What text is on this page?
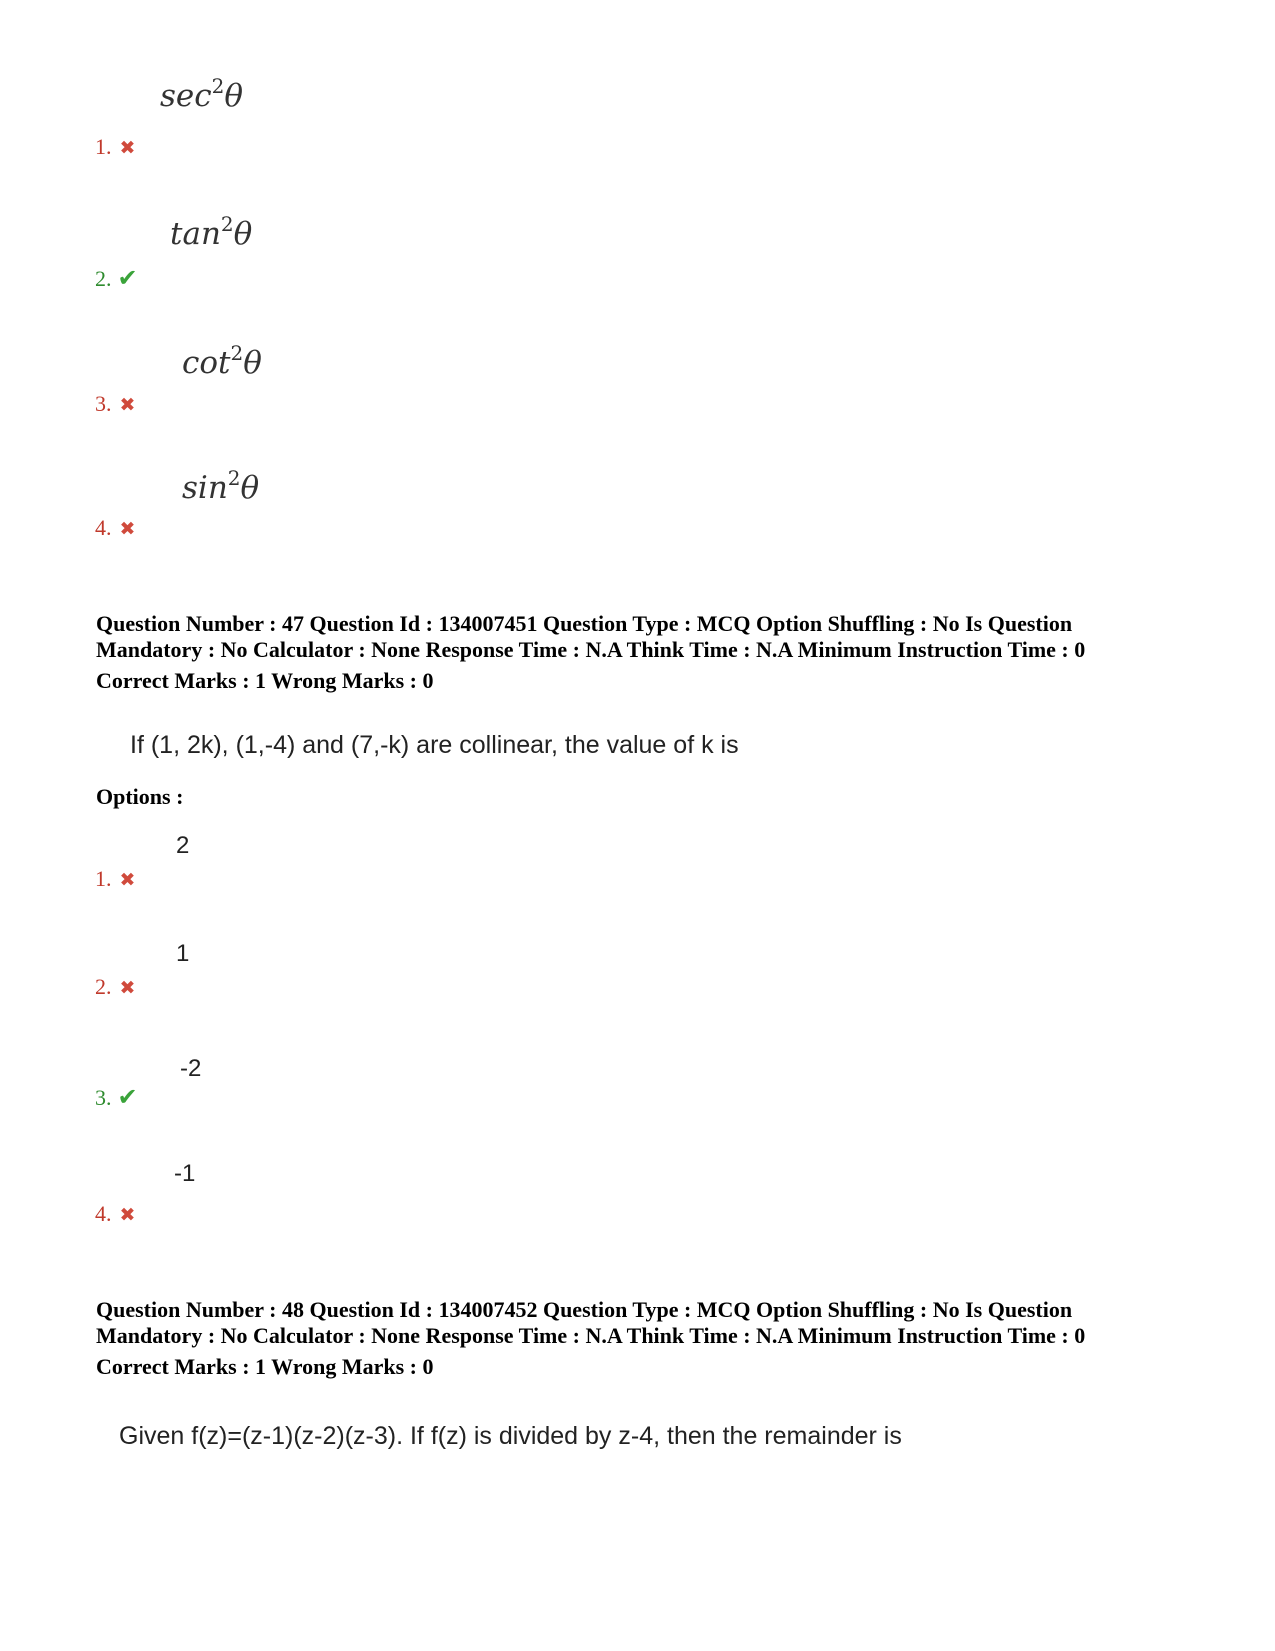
$\sec^2\theta$
1. ✖
$\tan^2\theta$
2. ✔
$\cot^2\theta$
3. ✖
$\sin^2\theta$
4. ✖
Question Number : 47 Question Id : 134007451 Question Type : MCQ Option Shuffling : No Is Question
Mandatory : No Calculator : None Response Time : N.A Think Time : N.A Minimum Instruction Time : 0
Correct Marks : 1 Wrong Marks : 0
If (1, 2k), (1,-4) and (7,-k) are collinear, the value of k is
Options :
2
1. ✖
1
2. ✖
-2
3. ✔
-1
4. ✖
Question Number : 48 Question Id : 134007452 Question Type : MCQ Option Shuffling : No Is Question
Mandatory : No Calculator : None Response Time : N.A Think Time : N.A Minimum Instruction Time : 0
Correct Marks : 1 Wrong Marks : 0
Given f(z)=(z-1)(z-2)(z-3). If f(z) is divided by z-4, then the remainder is
